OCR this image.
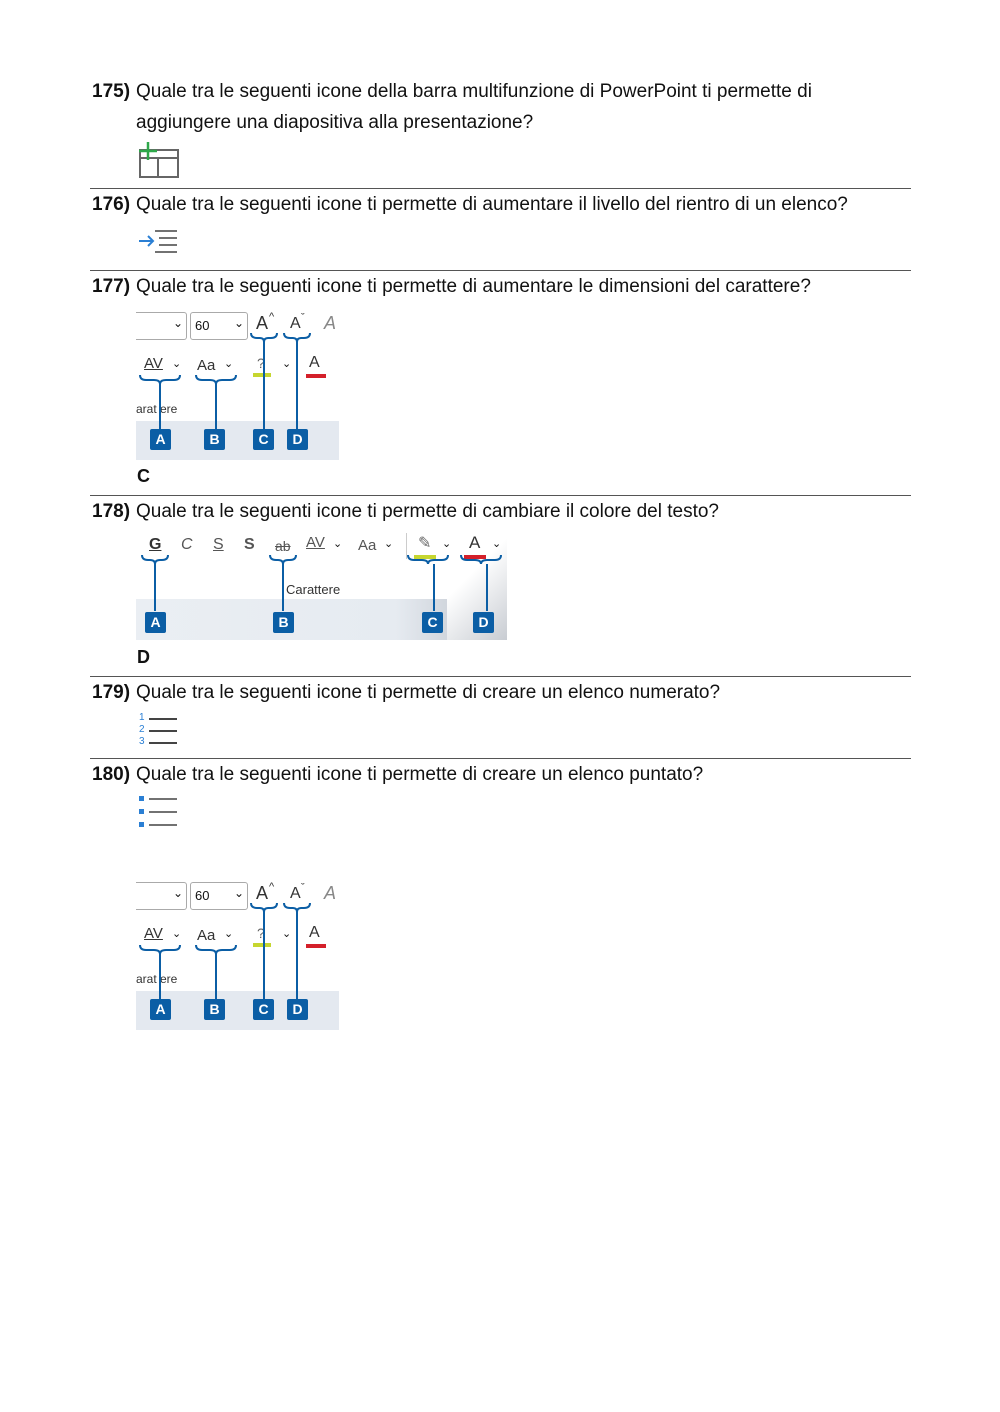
175) Quale tra le seguenti icone della barra multifunzione di PowerPoint ti permette di
aggiungere una diapositiva alla presentazione?
176) Quale tra le seguenti icone ti permette di aumentare il livello del rientro di un elenco?
177) Quale tra le seguenti icone ti permette di aumentare le dimensioni del carattere?
⌄ 60 ⌄ A ^ A ˇ A
AV ⌄ Aa ⌄ ? ⌄ A
arat ere
A	B	C	D
C
178) Quale tra le seguenti icone ti permette di cambiare il colore del testo?
G C S S ab AV ⌄ Aa ⌄ ✎ ⌄ A ⌄
Carattere
A	B	C	D
D
179) Quale tra le seguenti icone ti permette di creare un elenco numerato?
1
2
3
180) Quale tra le seguenti icone ti permette di creare un elenco puntato?
⌄ 60 ⌄ A ^ A ˇ A
AV ⌄ Aa ⌄ ? ⌄ A
arat ere
A	B	C	D
